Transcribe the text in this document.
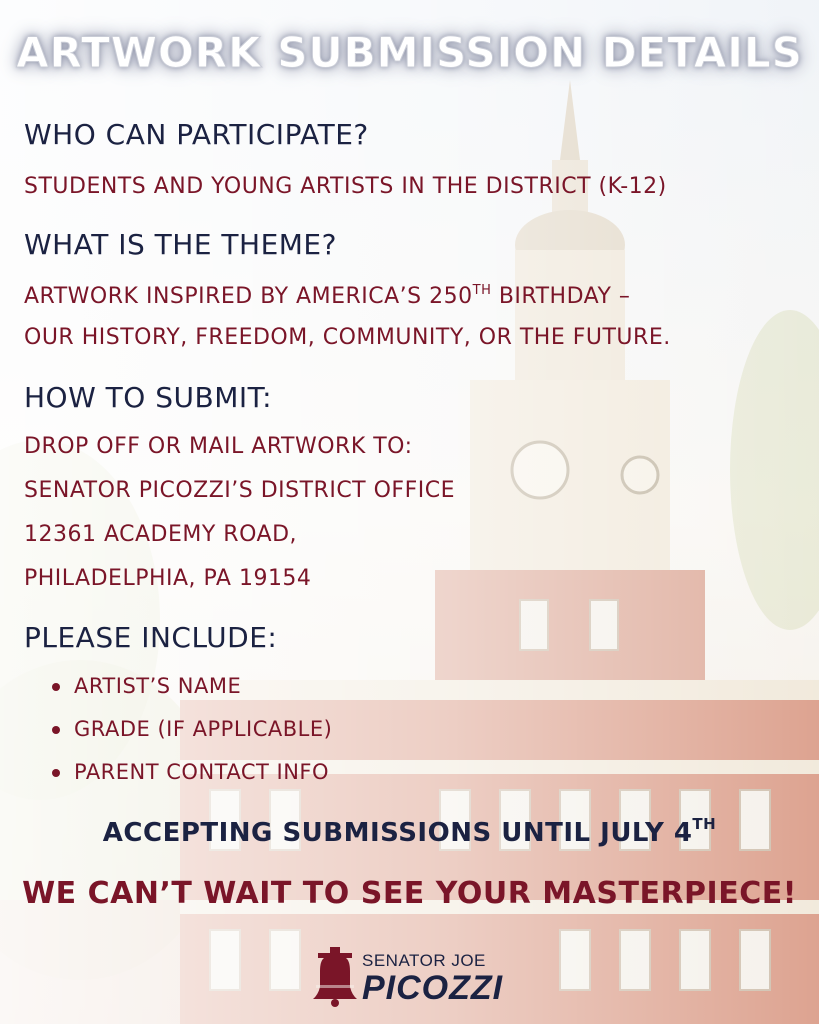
ARTWORK SUBMISSION DETAILS
WHO CAN PARTICIPATE?
STUDENTS AND YOUNG ARTISTS IN THE DISTRICT (K-12)
WHAT IS THE THEME?
ARTWORK INSPIRED BY AMERICA’S 250TH BIRTHDAY –
OUR HISTORY, FREEDOM, COMMUNITY, OR THE FUTURE.
HOW TO SUBMIT:
DROP OFF OR MAIL ARTWORK TO:
SENATOR PICOZZI’S DISTRICT OFFICE
12361 ACADEMY ROAD,
PHILADELPHIA, PA 19154
PLEASE INCLUDE:
ARTIST’S NAME
GRADE (IF APPLICABLE)
PARENT CONTACT INFO
ACCEPTING SUBMISSIONS UNTIL JULY 4TH
WE CAN’T WAIT TO SEE YOUR MASTERPIECE!
SENATOR JOE
PICOZZI
